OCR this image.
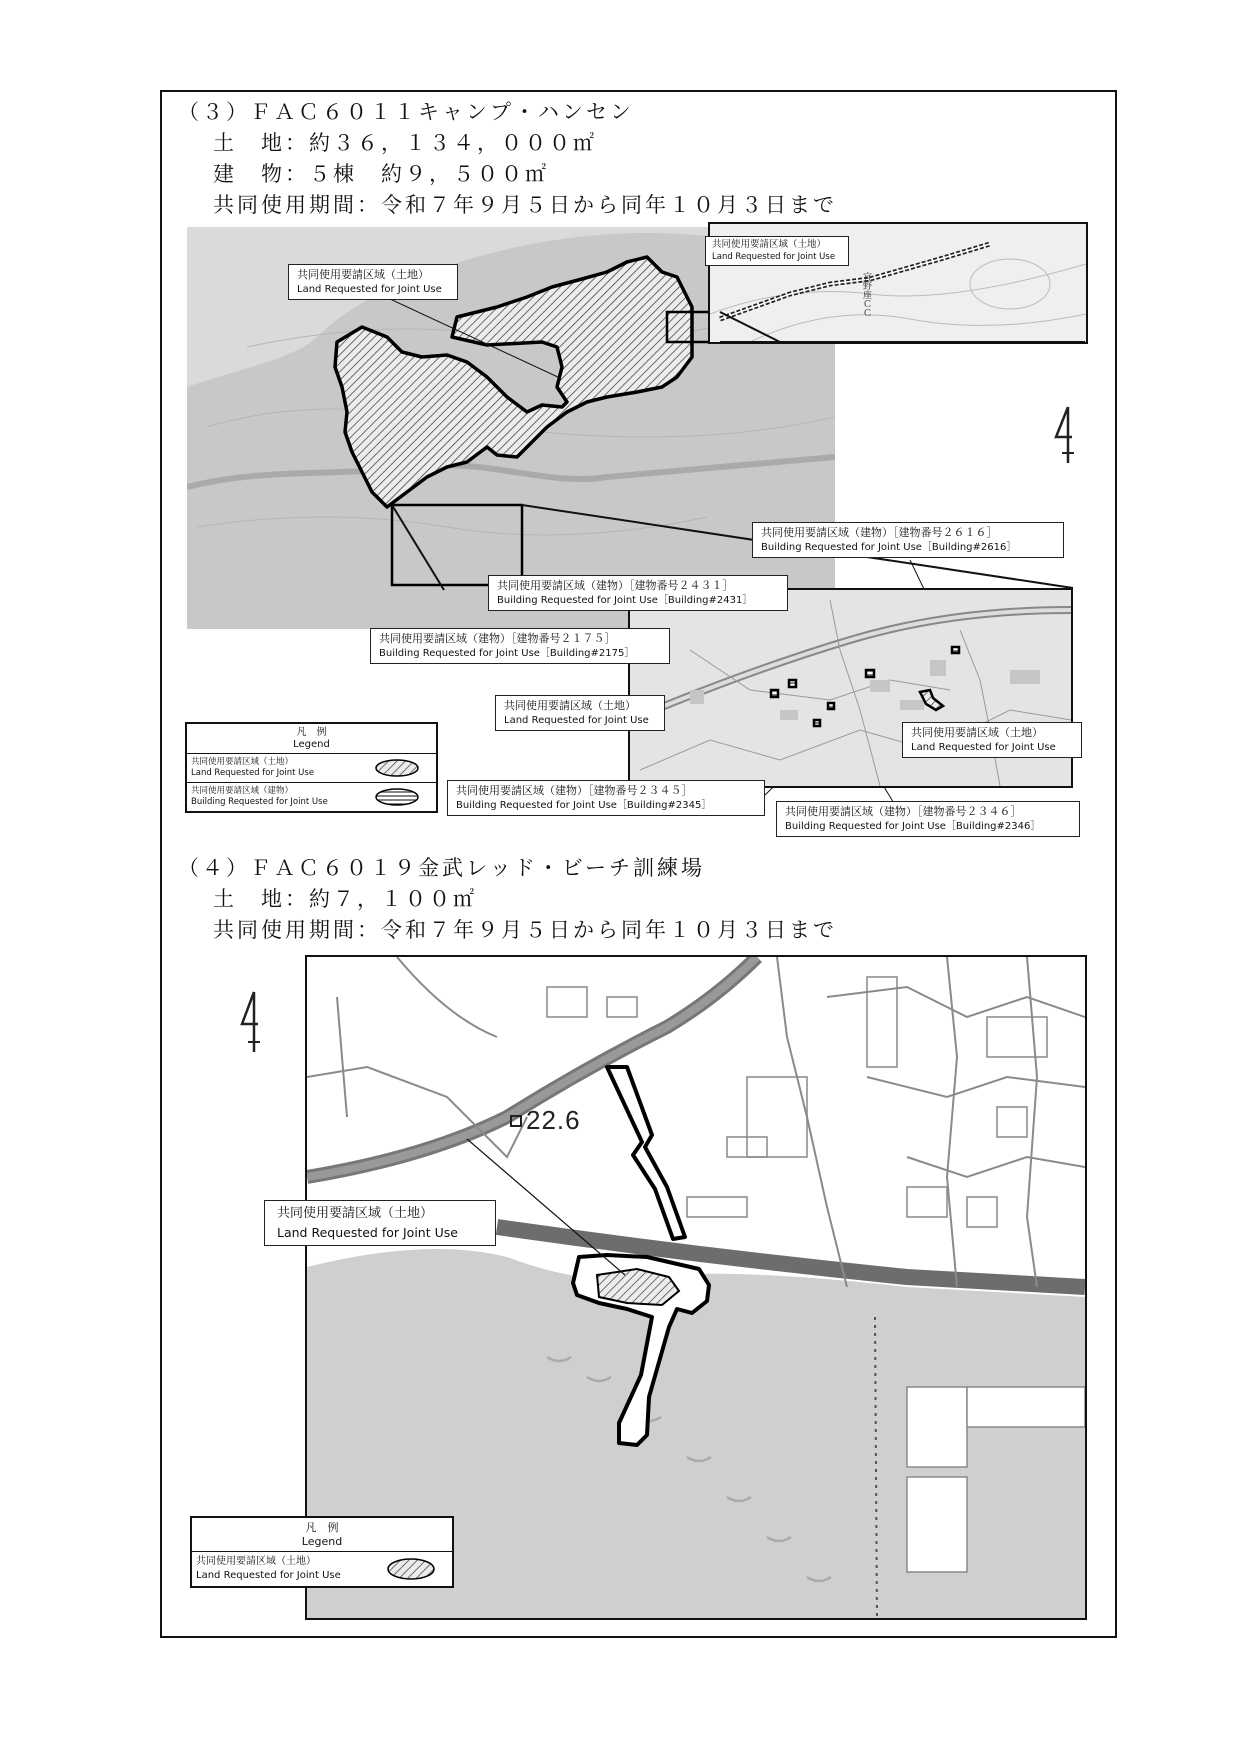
（３）ＦＡＣ６０１１キャンプ・ハンセン
土　地：約３６，１３４，０００㎡
建　物：５棟　約９，５００㎡
共同使用期間：令和７年９月５日から同年１０月３日まで
宜野座ＣＣ
共同使用要請区域（土地）
Land Requested for Joint Use
共同使用要請区域（土地）
Land Requested for Joint Use
共同使用要請区域（建物）［建物番号２６１６］
Building Requested for Joint Use［Building#2616］
共同使用要請区域（建物）［建物番号２４３１］
Building Requested for Joint Use［Building#2431］
共同使用要請区域（建物）［建物番号２１７５］
Building Requested for Joint Use［Building#2175］
共同使用要請区域（土地）
Land Requested for Joint Use
共同使用要請区域（土地）
Land Requested for Joint Use
共同使用要請区域（建物）［建物番号２３４５］
Building Requested for Joint Use［Building#2345］	共同使用要請区域（建物）［建物番号２３４６］
Building Requested for Joint Use［Building#2346］
凡　例
Legend
共同使用要請区域（土地）
Land Requested for Joint Use
共同使用要請区域（建物）
Building Requested for Joint Use
（４）ＦＡＣ６０１９金武レッド・ビーチ訓練場
土　地：約７，１００㎡
共同使用期間：令和７年９月５日から同年１０月３日まで
22.6
共同使用要請区域（土地）
Land Requested for Joint Use
凡　例
Legend
共同使用要請区域（土地）
Land Requested for Joint Use
